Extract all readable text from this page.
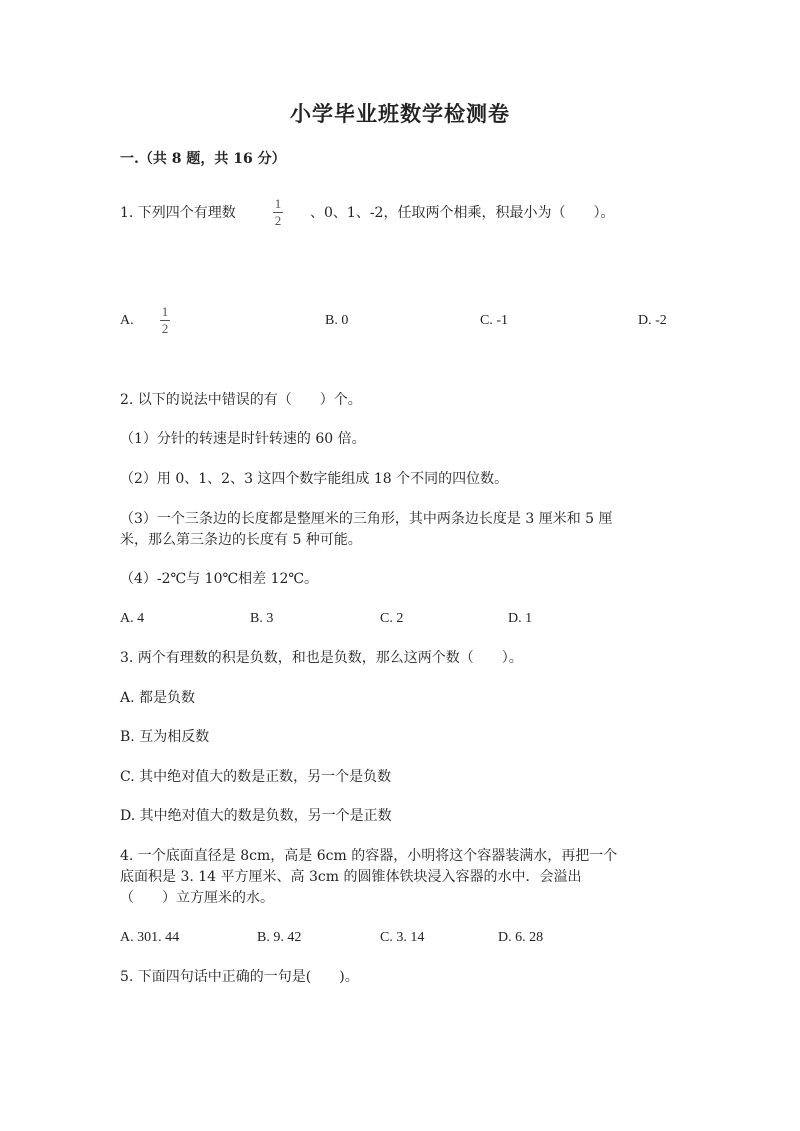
小学毕业班数学检测卷
一.（共 8 题，共 16 分）
1. 下列四个有理数
1
2 、0、1、-2，任取两个相乘，积最小为（　　）。
A.
1
2
B. 0	C. -1	D. -2
2. 以下的说法中错误的有（　　）个。
（1）分针的转速是时针转速的 60 倍。
（2）用 0、1、2、3 这四个数字能组成 18 个不同的四位数。
（3）一个三条边的长度都是整厘米的三角形，其中两条边长度是 3 厘米和 5 厘
米，那么第三条边的长度有 5 种可能。
（4）-2℃与 10℃相差 12℃。
A. 4	B. 3	C. 2	D. 1
3. 两个有理数的积是负数，和也是负数，那么这两个数（　　）。
A. 都是负数
B. 互为相反数
C. 其中绝对值大的数是正数，另一个是负数
D. 其中绝对值大的数是负数，另一个是正数
4. 一个底面直径是 8cm，高是 6cm 的容器，小明将这个容器装满水，再把一个
底面积是 3. 14 平方厘米、高 3cm 的圆锥体铁块浸入容器的水中．会溢出
（　　）立方厘米的水。
A. 301. 44	B. 9. 42	C. 3. 14	D. 6. 28
5. 下面四句话中正确的一句是(　　)。
